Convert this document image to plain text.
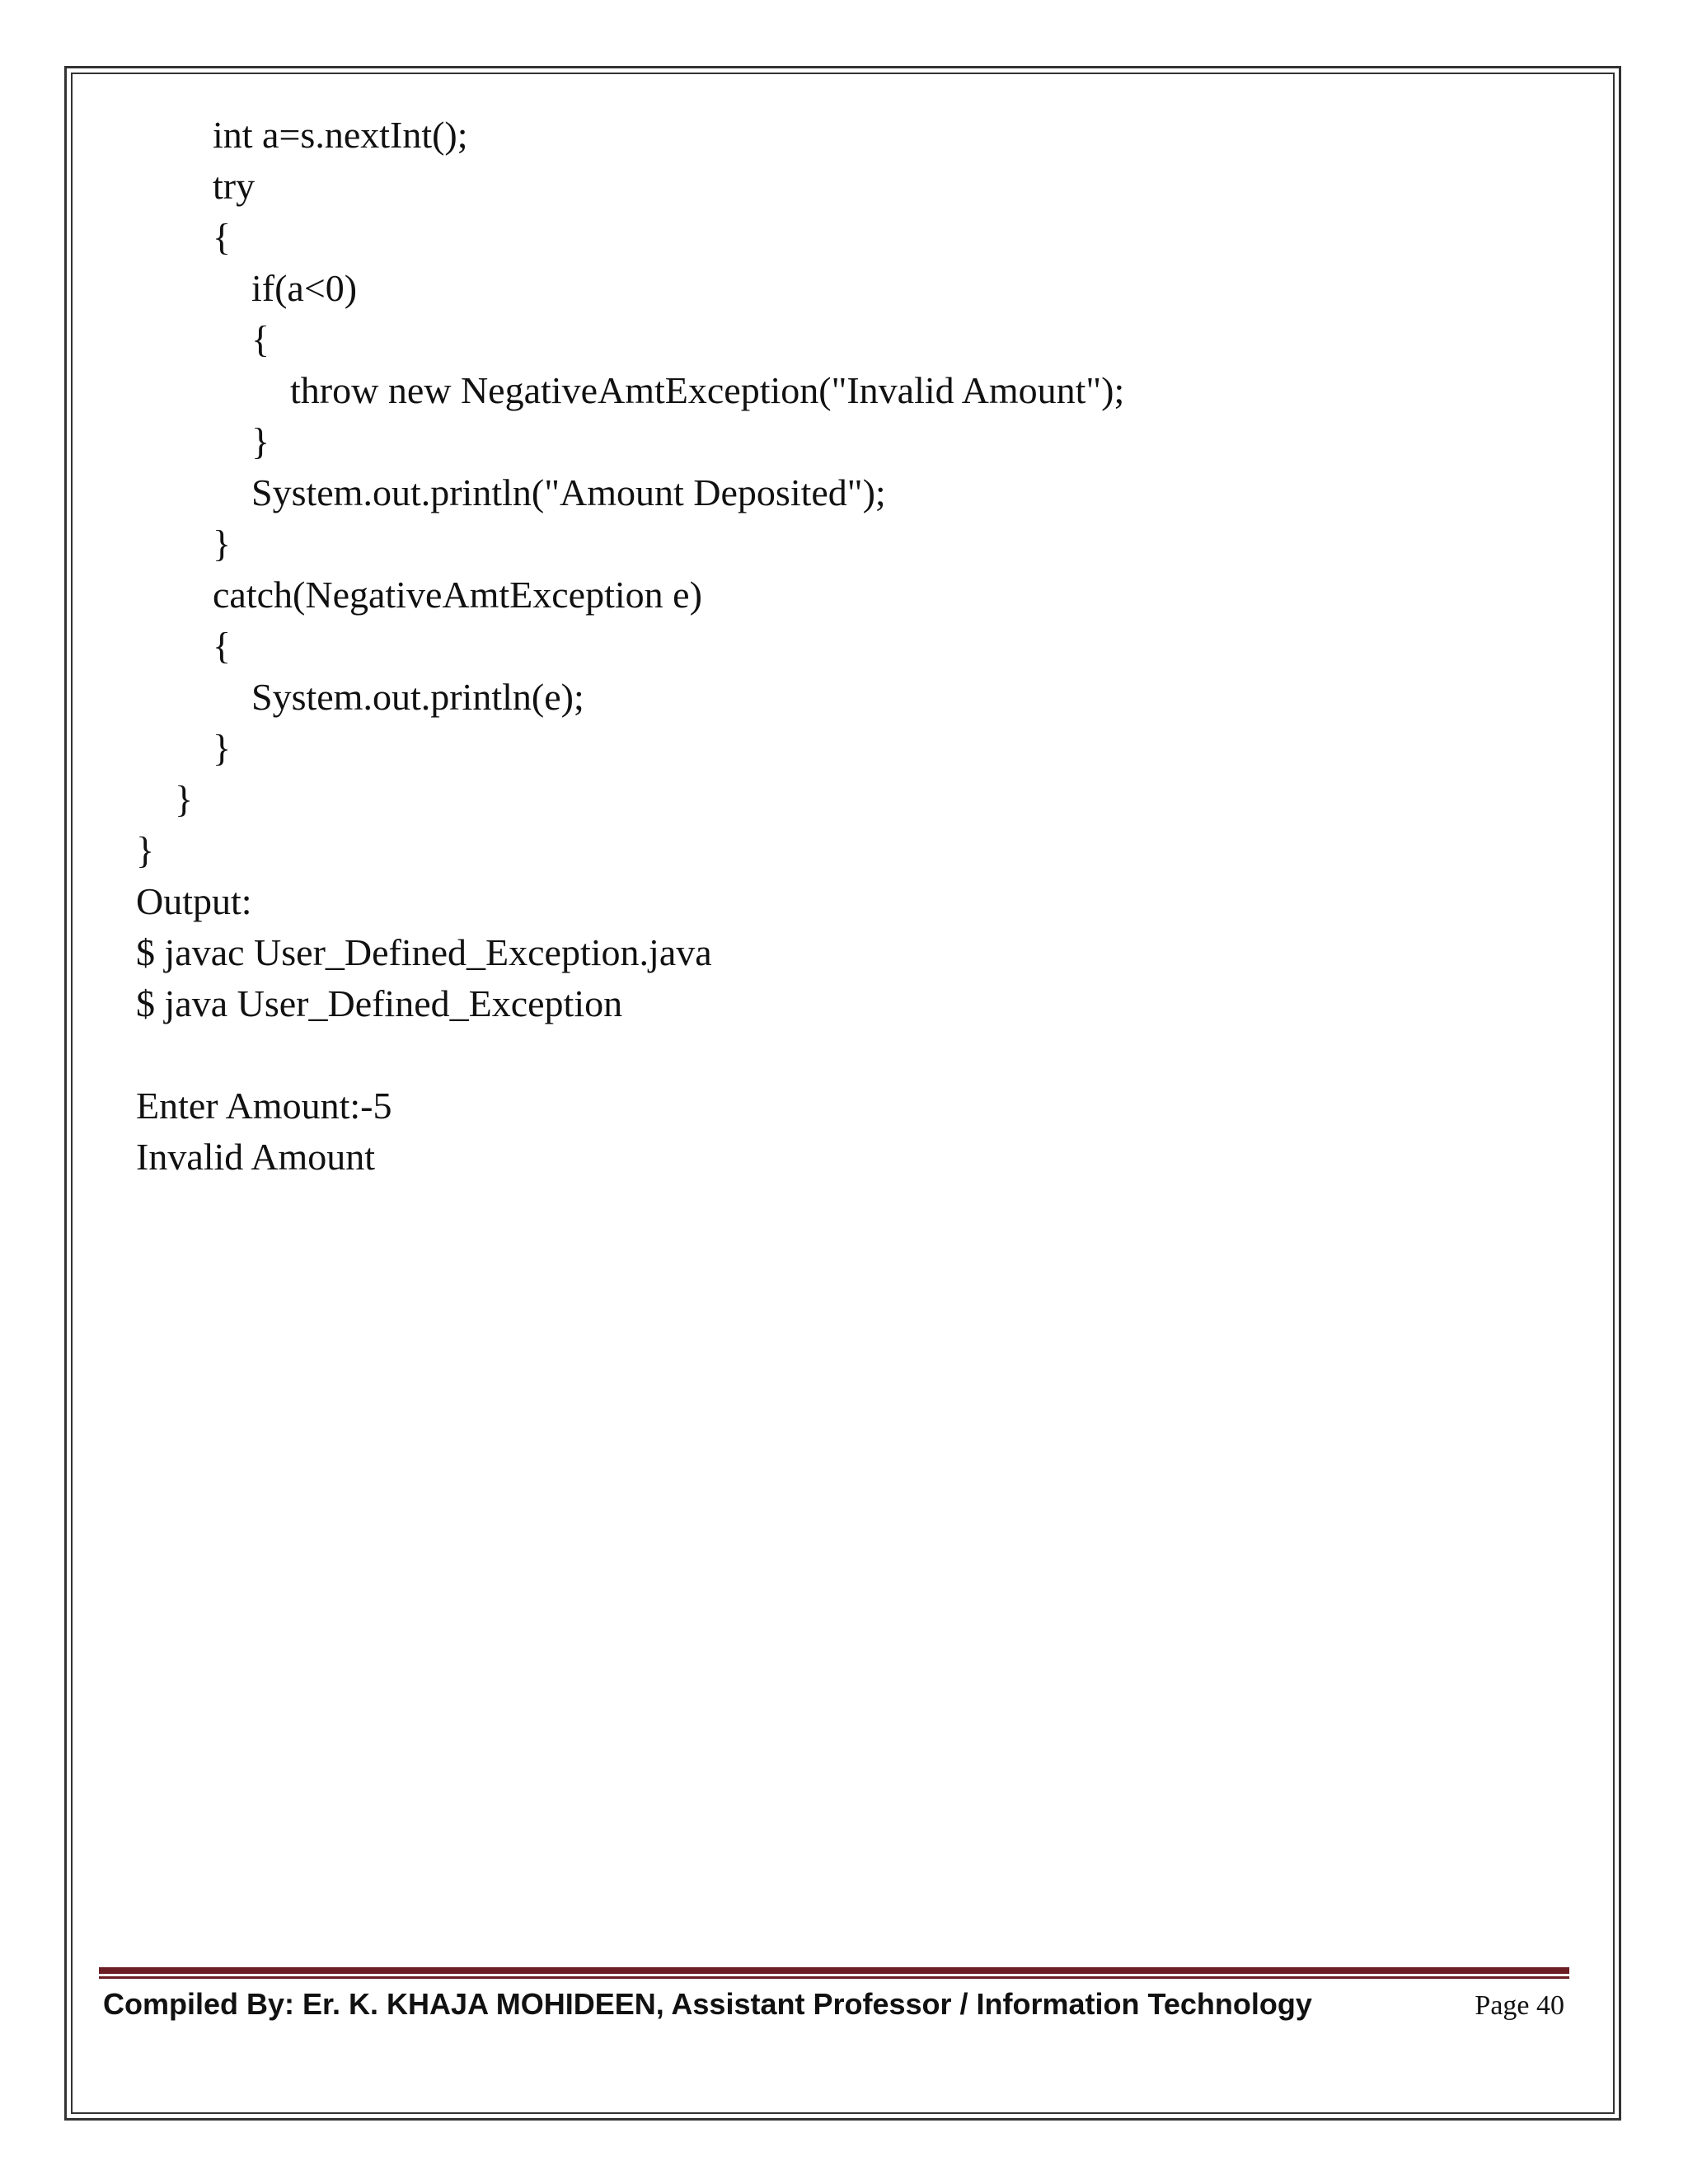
int a=s.nextInt();
try
{
if(a<0)
{
throw new NegativeAmtException("Invalid Amount");
}
System.out.println("Amount Deposited");
}
catch(NegativeAmtException e)
{
System.out.println(e);
}
}
}
Output:
$ javac User_Defined_Exception.java
$ java User_Defined_Exception
Enter Amount:-5
Invalid Amount
Compiled By: Er. K. KHAJA MOHIDEEN, Assistant Professor / Information Technology	Page 40
